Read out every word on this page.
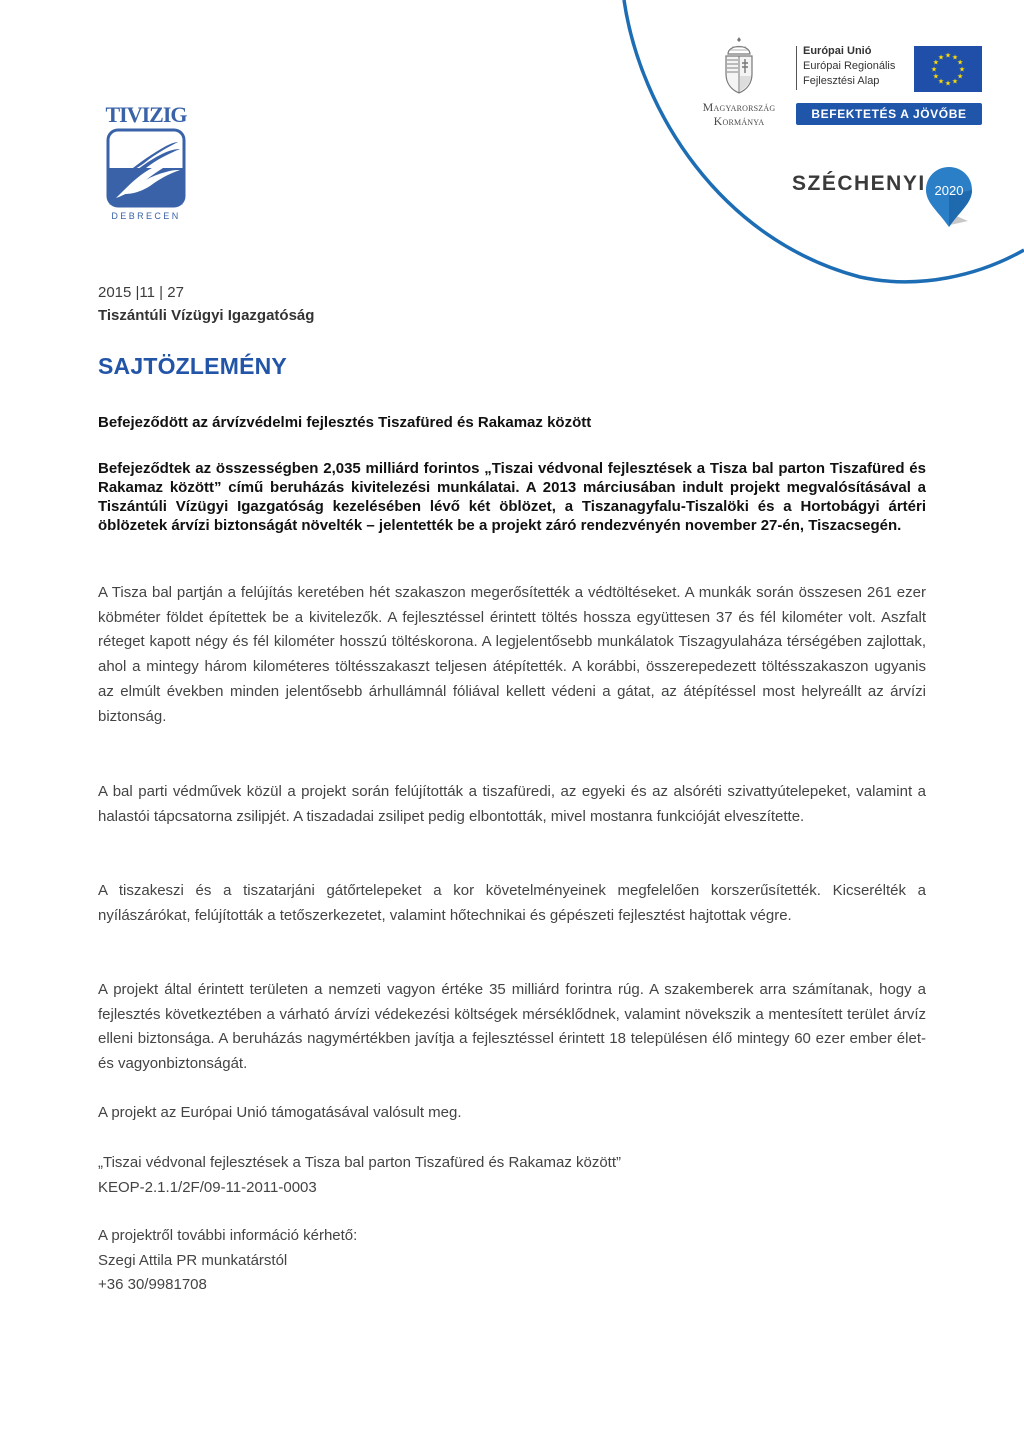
TIVIZIG
DEBRECEN
Magyarország
Kormánya
Európai Unió
Európai Regionális
Fejlesztési Alap
★ ★
★
★
★
★
★
★
★
★
★
★
BEFEKTETÉS A JÖVŐBE
SZÉCHENYI 2020
2015 |11 | 27
Tiszántúli Vízügyi Igazgatóság
SAJTÖZLEMÉNY
Befejeződött az árvízvédelmi fejlesztés Tiszafüred és Rakamaz között
Befejeződtek az összességben 2,035 milliárd forintos „Tiszai védvonal fejlesztések a Tisza bal parton Tiszafüred és Rakamaz között” című beruházás kivitelezési munkálatai. A 2013 márciusában indult projekt megvalósításával a Tiszántúli Vízügyi Igazgatóság kezelésében lévő két öblözet, a Tiszanagyfalu-Tiszalöki és a Hortobágyi ártéri öblözetek árvízi biztonságát növelték – jelentették be a projekt záró rendezvényén november 27-én, Tiszacsegén.
A Tisza bal partján a felújítás keretében hét szakaszon megerősítették a védtöltéseket. A munkák során összesen 261 ezer köbméter földet építettek be a kivitelezők. A fejlesztéssel érintett töltés hossza együttesen 37 és fél kilométer volt. Aszfalt réteget kapott négy és fél kilométer hosszú töltéskorona. A legjelentősebb munkálatok Tiszagyulaháza térségében zajlottak, ahol a mintegy három kilométeres töltésszakaszt teljesen átépítették. A korábbi, összerepedezett töltésszakaszon ugyanis az elmúlt években minden jelentősebb árhullámnál fóliával kellett védeni a gátat, az átépítéssel most helyreállt az árvízi biztonság.
A bal parti védművek közül a projekt során felújították a tiszafüredi, az egyeki és az alsóréti szivattyútelepeket, valamint a halastói tápcsatorna zsilipjét. A tiszadadai zsilipet pedig elbontották, mivel mostanra funkcióját elveszítette.
A tiszakeszi és a tiszatarjáni gátőrtelepeket a kor követelményeinek megfelelően korszerűsítették. Kicserélték a nyílászárókat, felújították a tetőszerkezetet, valamint hőtechnikai és gépészeti fejlesztést hajtottak végre.
A projekt által érintett területen a nemzeti vagyon értéke 35 milliárd forintra rúg. A szakemberek arra számítanak, hogy a fejlesztés következtében a várható árvízi védekezési költségek mérséklődnek, valamint növekszik a mentesített terület árvíz elleni biztonsága. A beruházás nagymértékben javítja a fejlesztéssel érintett 18 településen élő mintegy 60 ezer ember élet- és vagyonbiztonságát.
A projekt az Európai Unió támogatásával valósult meg.
„Tiszai védvonal fejlesztések a Tisza bal parton Tiszafüred és Rakamaz között”
KEOP-2.1.1/2F/09-11-2011-0003
A projektről további információ kérhető:
Szegi Attila PR munkatárstól
+36 30/9981708
